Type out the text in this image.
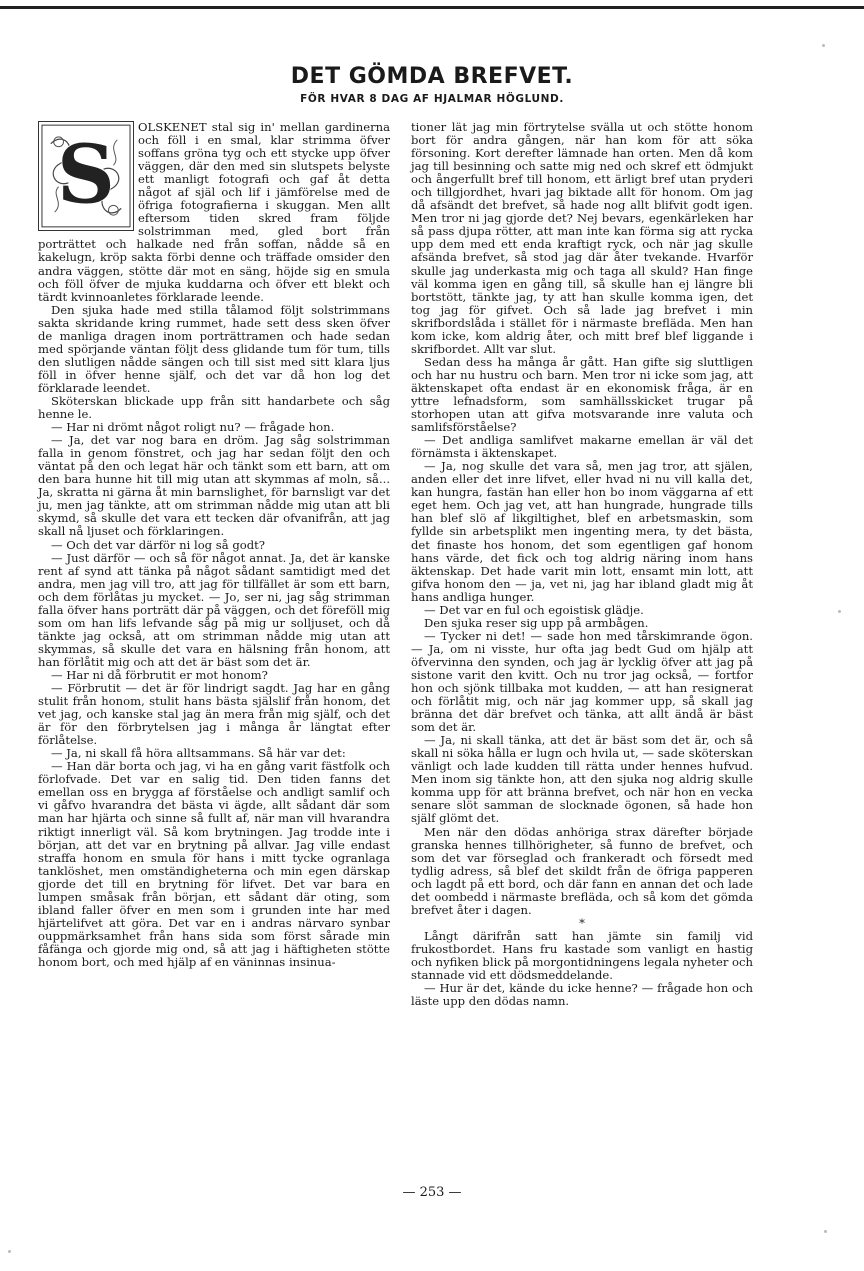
DET GÖMDA BREFVET.
FÖR HVAR 8 DAG AF HJALMAR HÖGLUND.
S

OLSKENET stal sig in' mellan gardinerna och föll i en smal, klar strimma öfver soffans gröna tyg och ett stycke upp öfver väggen, där den med sin slutspets belyste ett manligt fotografi och gaf åt detta något af själ och lif i jämförelse med de öfriga fotografierna i skuggan. Men allt eftersom tiden skred fram följde solstrimman med, gled bort från porträttet och halkade ned från soffan, nådde så en kakelugn, kröp sakta förbi denne och träffade omsider den andra väggen, stötte där mot en säng, höjde sig en smula och föll öfver de mjuka kuddarna och öfver ett blekt och tärdt kvinnoanletes förklarade leende.

Den sjuka hade med stilla tålamod följt solstrimmans sakta skridande kring rummet, hade sett dess sken öfver de manliga dragen inom porträttramen och hade sedan med spörjande väntan följt dess glidande tum för tum, tills den slutligen nådde sängen och till sist med sitt klara ljus föll in öfver henne själf, och det var då hon log det förklarade leendet.

Sköterskan blickade upp från sitt handarbete och såg henne le.

— Har ni drömt något roligt nu? — frågade hon.

— Ja, det var nog bara en dröm. Jag såg solstrimman falla in genom fönstret, och jag har sedan följt den och väntat på den och legat här och tänkt som ett barn, att om den bara hunne hit till mig utan att skymmas af moln, så... Ja, skratta ni gärna åt min barnslighet, för barnsligt var det ju, men jag tänkte, att om strimman nådde mig utan att bli skymd, så skulle det vara ett tecken där ofvanifrån, att jag skall nå ljuset och förklaringen.

— Och det var därför ni log så godt?

— Just därför — och så för något annat. Ja, det är kanske rent af synd att tänka på något sådant samtidigt med det andra, men jag vill tro, att jag för tillfället är som ett barn, och dem förlåtas ju mycket. — Jo, ser ni, jag såg strimman falla öfver hans porträtt där på väggen, och det föreföll mig som om han lifs lefvande såg på mig ur solljuset, och då tänkte jag också, att om strimman nådde mig utan att skymmas, så skulle det vara en hälsning från honom, att han förlåtit mig och att det är bäst som det är.

— Har ni då förbrutit er mot honom?

— Förbrutit — det är för lindrigt sagdt. Jag har en gång stulit från honom, stulit hans bästa själslif från honom, det vet jag, och kanske stal jag än mera från mig själf, och det är för den förbrytelsen jag i många år längtat efter förlåtelse.

— Ja, ni skall få höra alltsammans. Så här var det:

— Han där borta och jag, vi ha en gång varit fästfolk och förlofvade. Det var en salig tid. Den tiden fanns det emellan oss en brygga af förståelse och andligt samlif och vi gåfvo hvarandra det bästa vi ägde, allt sådant där som man har hjärta och sinne så fullt af, när man vill hvarandra riktigt innerligt väl. Så kom brytningen. Jag trodde inte i början, att det var en brytning på allvar. Jag ville endast straffa honom en smula för hans i mitt tycke ogranlaga tanklöshet, men omständigheterna och min egen därskap gjorde det till en brytning för lifvet. Det var bara en lumpen småsak från början, ett sådant där oting, som ibland faller öfver en men som i grunden inte har med hjärtelifvet att göra. Det var en i andras närvaro synbar ouppmärksamhet från hans sida som först sårade min fåfänga och gjorde mig ond, så att jag i häftigheten stötte honom bort, och med hjälp af en väninnas insinua-

tioner lät jag min förtrytelse svälla ut och stötte honom bort för andra gången, när han kom för att söka försoning. Kort derefter lämnade han orten. Men då kom jag till besinning och satte mig ned och skref ett ödmjukt och ångerfullt bref till honom, ett ärligt bref utan pryderi och tillgjordhet, hvari jag biktade allt för honom. Om jag då afsändt det brefvet, så hade nog allt blifvit godt igen. Men tror ni jag gjorde det? Nej bevars, egenkärleken har så pass djupa rötter, att man inte kan förma sig att rycka upp dem med ett enda kraftigt ryck, och när jag skulle afsända brefvet, så stod jag där åter tvekande. Hvarför skulle jag underkasta mig och taga all skuld? Han finge väl komma igen en gång till, så skulle han ej längre bli bortstött, tänkte jag, ty att han skulle komma igen, det tog jag för gifvet. Och så lade jag brefvet i min skrifbordslåda i stället för i närmaste brefläda. Men han kom icke, kom aldrig åter, och mitt bref blef liggande i skrifbordet. Allt var slut.

Sedan dess ha många år gått. Han gifte sig sluttligen och har nu hustru och barn. Men tror ni icke som jag, att äktenskapet ofta endast är en ekonomisk fråga, är en yttre lefnadsform, som samhällsskicket trugar på storhopen utan att gifva motsvarande inre valuta och samlifsförståelse?

— Det andliga samlifvet makarne emellan är väl det förnämsta i äktenskapet.

— Ja, nog skulle det vara så, men jag tror, att själen, anden eller det inre lifvet, eller hvad ni nu vill kalla det, kan hungra, fastän han eller hon bo inom väggarna af ett eget hem. Och jag vet, att han hungrade, hungrade tills han blef slö af likgiltighet, blef en arbetsmaskin, som fyllde sin arbetsplikt men ingenting mera, ty det bästa, det finaste hos honom, det som egentligen gaf honom hans värde, det fick och tog aldrig näring inom hans äktenskap. Det hade varit min lott, ensamt min lott, att gifva honom den — ja, vet ni, jag har ibland gladt mig åt hans andliga hunger.

— Det var en ful och egoistisk glädje.

Den sjuka reser sig upp på armbågen.

— Tycker ni det! — sade hon med tårskimrande ögon. — Ja, om ni visste, hur ofta jag bedt Gud om hjälp att öfvervinna den synden, och jag är lycklig öfver att jag på sistone varit den kvitt. Och nu tror jag också, — fortfor hon och sjönk tillbaka mot kudden, — att han resignerat och förlåtit mig, och när jag kommer upp, så skall jag bränna det där brefvet och tänka, att allt ändå är bäst som det är.

— Ja, ni skall tänka, att det är bäst som det är, och så skall ni söka hålla er lugn och hvila ut, — sade sköterskan vänligt och lade kudden till rätta under hennes hufvud. Men inom sig tänkte hon, att den sjuka nog aldrig skulle komma upp för att bränna brefvet, och när hon en vecka senare slöt samman de slocknade ögonen, så hade hon själf glömt det.

Men när den dödas anhöriga strax därefter började granska hennes tillhörigheter, så funno de brefvet, och som det var förseglad och frankeradt och försedt med tydlig adress, så blef det skildt från de öfriga papperen och lagdt på ett bord, och där fann en annan det och lade det oombedd i närmaste brefläda, och så kom det gömda brefvet åter i dagen.

*

Långt därifrån satt han jämte sin familj vid frukostbordet. Hans fru kastade som vanligt en hastig och nyfiken blick på morgontidningens legala nyheter och stannade vid ett dödsmeddelande.

— Hur är det, kände du icke henne? — frågade hon och läste upp den dödas namn.

— 253 —
